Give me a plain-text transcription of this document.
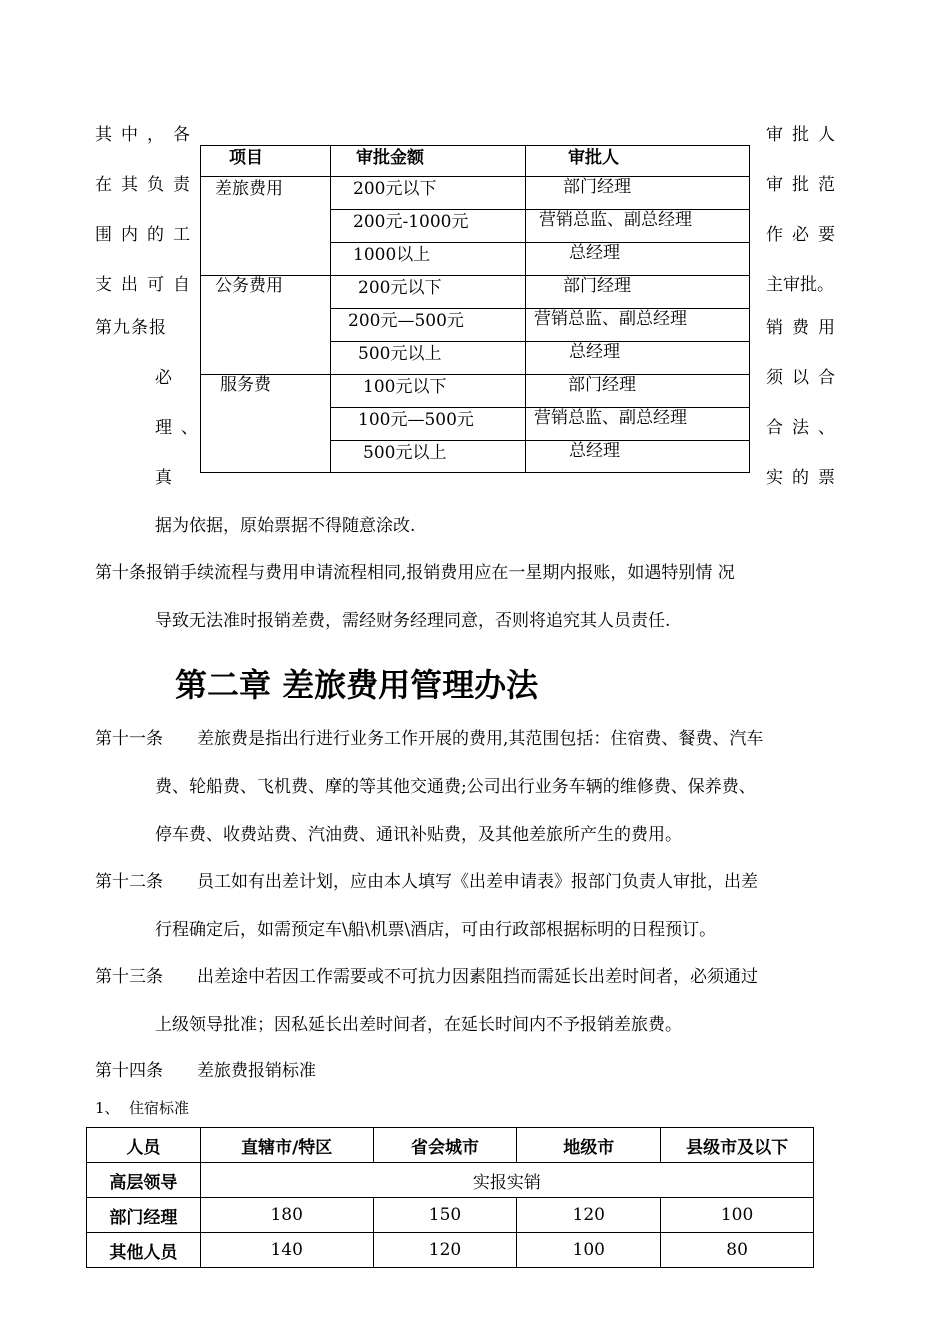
其中，各
在其负责
围内的工
支出可自
第九条报
必
理、
真
审批人
审批范
作必要
主审批。
销费用
须以合
合法、
实的票
项目	审批金额	审批人
差旅费用	200元以下	部门经理
200元-1000元	营销总监、副总经理
1000以上	总经理
公务费用	200元以下	部门经理
200元—500元	营销总监、副总经理
500元以上	总经理
服务费	100元以下	部门经理
100元—500元	营销总监、副总经理
500元以上	总经理
据为依据，原始票据不得随意涂改.
第十条报销手续流程与费用申请流程相同,报销费用应在一星期内报账，如遇特别情 况
导致无法准时报销差费，需经财务经理同意，否则将追究其人员责任.
第二章 差旅费用管理办法
第十一条 差旅费是指出行进行业务工作开展的费用,其范围包括：住宿费、餐费、汽车
费、轮船费、飞机费、摩的等其他交通费;公司出行业务车辆的维修费、保养费、
停车费、收费站费、汽油费、通讯补贴费，及其他差旅所产生的费用。
第十二条 员工如有出差计划，应由本人填写《出差申请表》报部门负责人审批，出差
行程确定后，如需预定车\船\机票\酒店，可由行政部根据标明的日程预订。
第十三条 出差途中若因工作需要或不可抗力因素阻挡而需延长出差时间者，必须通过
上级领导批准；因私延长出差时间者，在延长时间内不予报销差旅费。
第十四条 差旅费报销标准
1、 住宿标准
人员	直辖市/特区	省会城市	地级市	县级市及以下
高层领导	实报实销			
部门经理	180	150	120	100
其他人员	140	120	100	80
